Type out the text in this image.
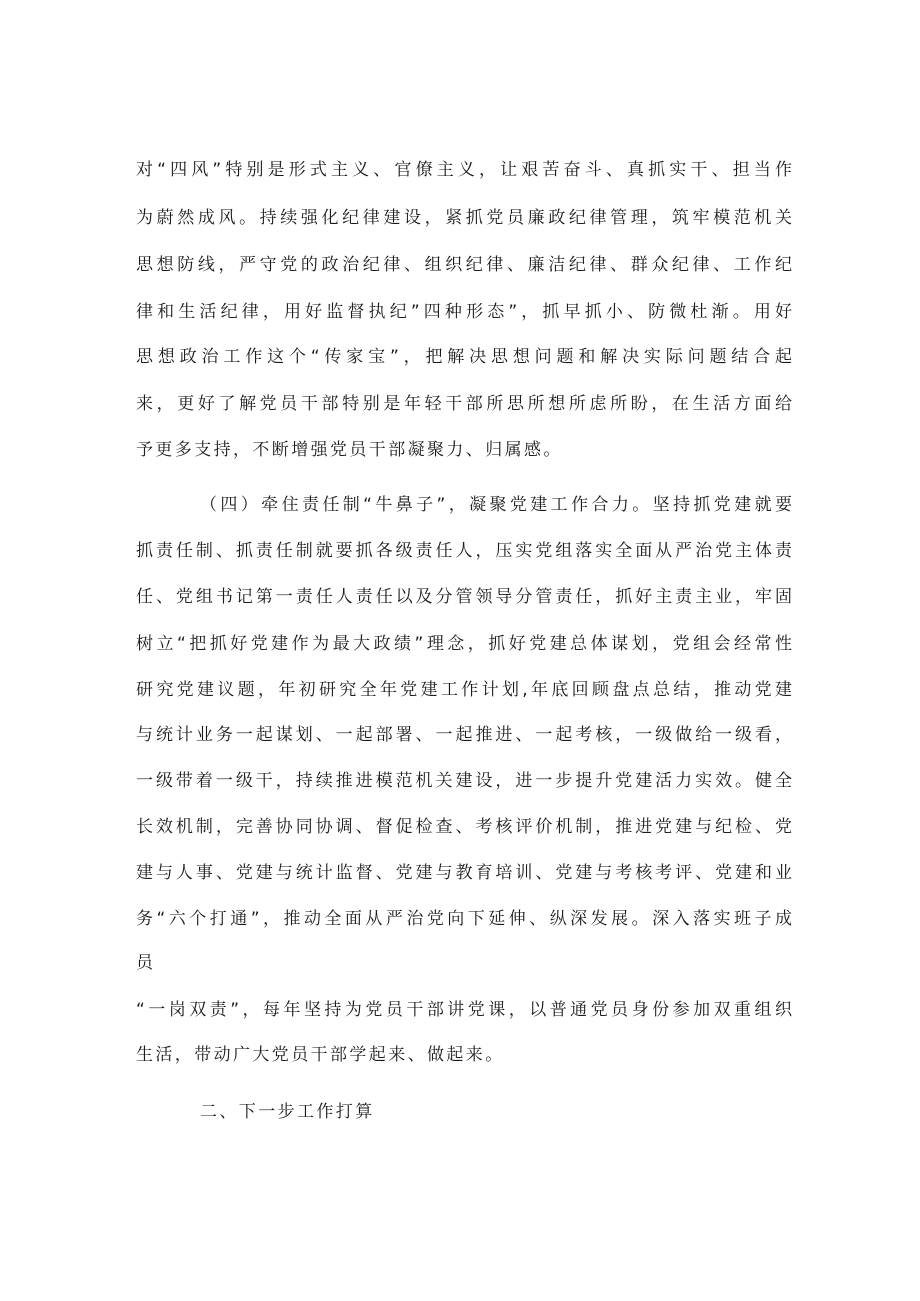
对“四风”特别是形式主义、官僚主义，让艰苦奋斗、真抓实干、担当作
为蔚然成风。持续强化纪律建设，紧抓党员廉政纪律管理，筑牢模范机关
思想防线，严守党的政治纪律、组织纪律、廉洁纪律、群众纪律、工作纪
律和生活纪律，用好监督执纪”四种形态”，抓早抓小、防微杜渐。用好
思想政治工作这个“传家宝”，把解决思想问题和解决实际问题结合起
来，更好了解党员干部特别是年轻干部所思所想所虑所盼，在生活方面给
予更多支持，不断增强党员干部凝聚力、归属感。
（四）牵住责任制“牛鼻子”，凝聚党建工作合力。坚持抓党建就要
抓责任制、抓责任制就要抓各级责任人，压实党组落实全面从严治党主体责
任、党组书记第一责任人责任以及分管领导分管责任，抓好主责主业，牢固
树立“把抓好党建作为最大政绩”理念，抓好党建总体谋划，党组会经常性
研究党建议题，年初研究全年党建工作计划,年底回顾盘点总结，推动党建
与统计业务一起谋划、一起部署、一起推进、一起考核，一级做给一级看，
一级带着一级干，持续推进模范机关建设，进一步提升党建活力实效。健全
长效机制，完善协同协调、督促检查、考核评价机制，推进党建与纪检、党
建与人事、党建与统计监督、党建与教育培训、党建与考核考评、党建和业
务“六个打通”，推动全面从严治党向下延伸、纵深发展。深入落实班子成
员
“一岗双责”，每年坚持为党员干部讲党课，以普通党员身份参加双重组织
生活，带动广大党员干部学起来、做起来。
二、下一步工作打算
